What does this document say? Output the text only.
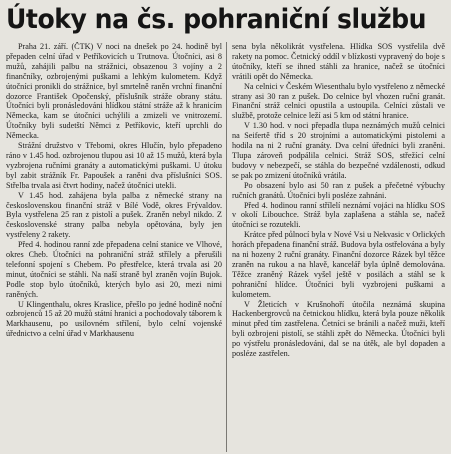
Útoky na čs. pohraniční službu

Praha 21. září. (ČTK) V noci na dnešek po 24. hodině byl přepaden celní úřad v Petříkovicích u Trutnova. Útočníci, asi 8 mužů, zahájili palbu na strážnici, obsazenou 3 vojíny a 2 finančníky, ozbrojenými puškami a lehkým kulometem. Když útočníci pronikli do strážnice, byl smrtelně raněn vrchní finanční dozorce František Opočenský, příslušník stráže obrany státu. Útočníci byli pronásledováni hlídkou státní stráže až k hranicím Německa, kam se útočníci uchýlili a zmizeli ve vnitrozemí. Útočníky byli sudetští Němci z Petříkovic, kteří uprchli do Německa.

Strážní družstvo v Třebomi, okres Hlučín, bylo přepadeno ráno v 1.45 hod. ozbrojenou tlupou asi 10 až 15 mužů, která byla vyzbrojena ručními granáty a automatickými puškami. U útoku byl zabit strážník Fr. Papoušek a raněni dva příslušníci SOS. Střelba trvala asi čtvrt hodiny, načež útočníci utekli.

V 1.45 hod. zahájena byla palba z německé strany na československou finanční stráž v Bílé Vodě, okres Frývaldov. Byla vystřelena 25 ran z pistolí a pušek. Zraněn nebyl nikdo. Z československé strany palba nebyla opětována, byly jen vystřeleny 2 rakety.

Před 4. hodinou ranní zde přepadena celní stanice ve Vlhové, okres Cheb. Útočníci na pohraniční stráž střílely a přerušili telefonní spojení s Chebem. Po přestřelce, která trvala asi 20 minut, útočníci se stáhli. Na naší straně byl zraněn vojín Bujok. Podle stop bylo útočníků, kterých bylo asi 20, mezi nimi raněných.

U Klingenthalu, okres Kraslice, přešlo po jedné hodině noční ozbrojenců 15 až 20 mužů státní hranici a pochodovaly táborem k Markhausenu, po usilovném střílení, bylo celní vojenské úřednictvo a celní úřad v Markhausenu

sena byla několikrát vystřelena. Hlídka SOS vystřelila dvě rakety na pomoc. Četnický oddíl v blízkosti vypravený do boje s útočníky, kteří se ihned stáhli za hranice, načež se útočníci vrátili opět do Německa.

Na celnici v Českém Wiesenthalu bylo vystřeleno z německé strany asi 30 ran z pušek. Do celnice byl vhozen ruční granát. Finanční stráž celnici opustila a ustoupila. Celníci zůstali ve službě, protože celnice leží asi 5 km od státní hranice.

V 1.30 hod. v noci přepadla tlupa neznámých mužů celnici na Seifertě tříd s 20 strojními a automatickými pistolemi a hodila na ni 2 ruční granáty. Dva celní úředníci byli zraněni. Tlupa zároveň podpálila celnici. Stráž SOS, střežící celní budovy v nebezpečí, se stáhla do bezpečné vzdálenosti, odkud se pak po zmizení útočníků vrátila.

Po obsazení bylo asi 50 ran z pušek a přečetné výbuchy ručních granátů. Útočníci byli posléze zahnáni.

Před 4. hodinou ranní střílelí neznámí vojáci na hlídku SOS v okolí Libouchce. Stráž byla zaplašena a stáhla se, načež útočníci se rozutekli.

Krátce před půlnocí byla v Nové Vsi u Nekvasic v Orlických horách přepadena finanční stráž. Budova byla ostřelována a byly na ni hozeny 2 ruční granáty. Finanční dozorce Rázek byl těžce zraněn na rukou a na hlavě, kancelář byla úplně demolována. Těžce zraněný Rázek vyšel ještě v posilách a stáhl se k pohraniční hlídce. Útočníci byli vyzbrojeni puškami a kulometem.

V Žleticích v Krušnohoří útočila neznámá skupina Hackenbergrovců na četnickou hlídku, která byla pouze několik minut před tím zastřelena. Četníci se bránili a načež muži, kteří byli ozbrojeni pistolí, se stáhli zpět do Německa. Útočníci byli po výstřelu pronásledováni, dal se na útěk, ale byl dopaden a posléze zastřelen.
